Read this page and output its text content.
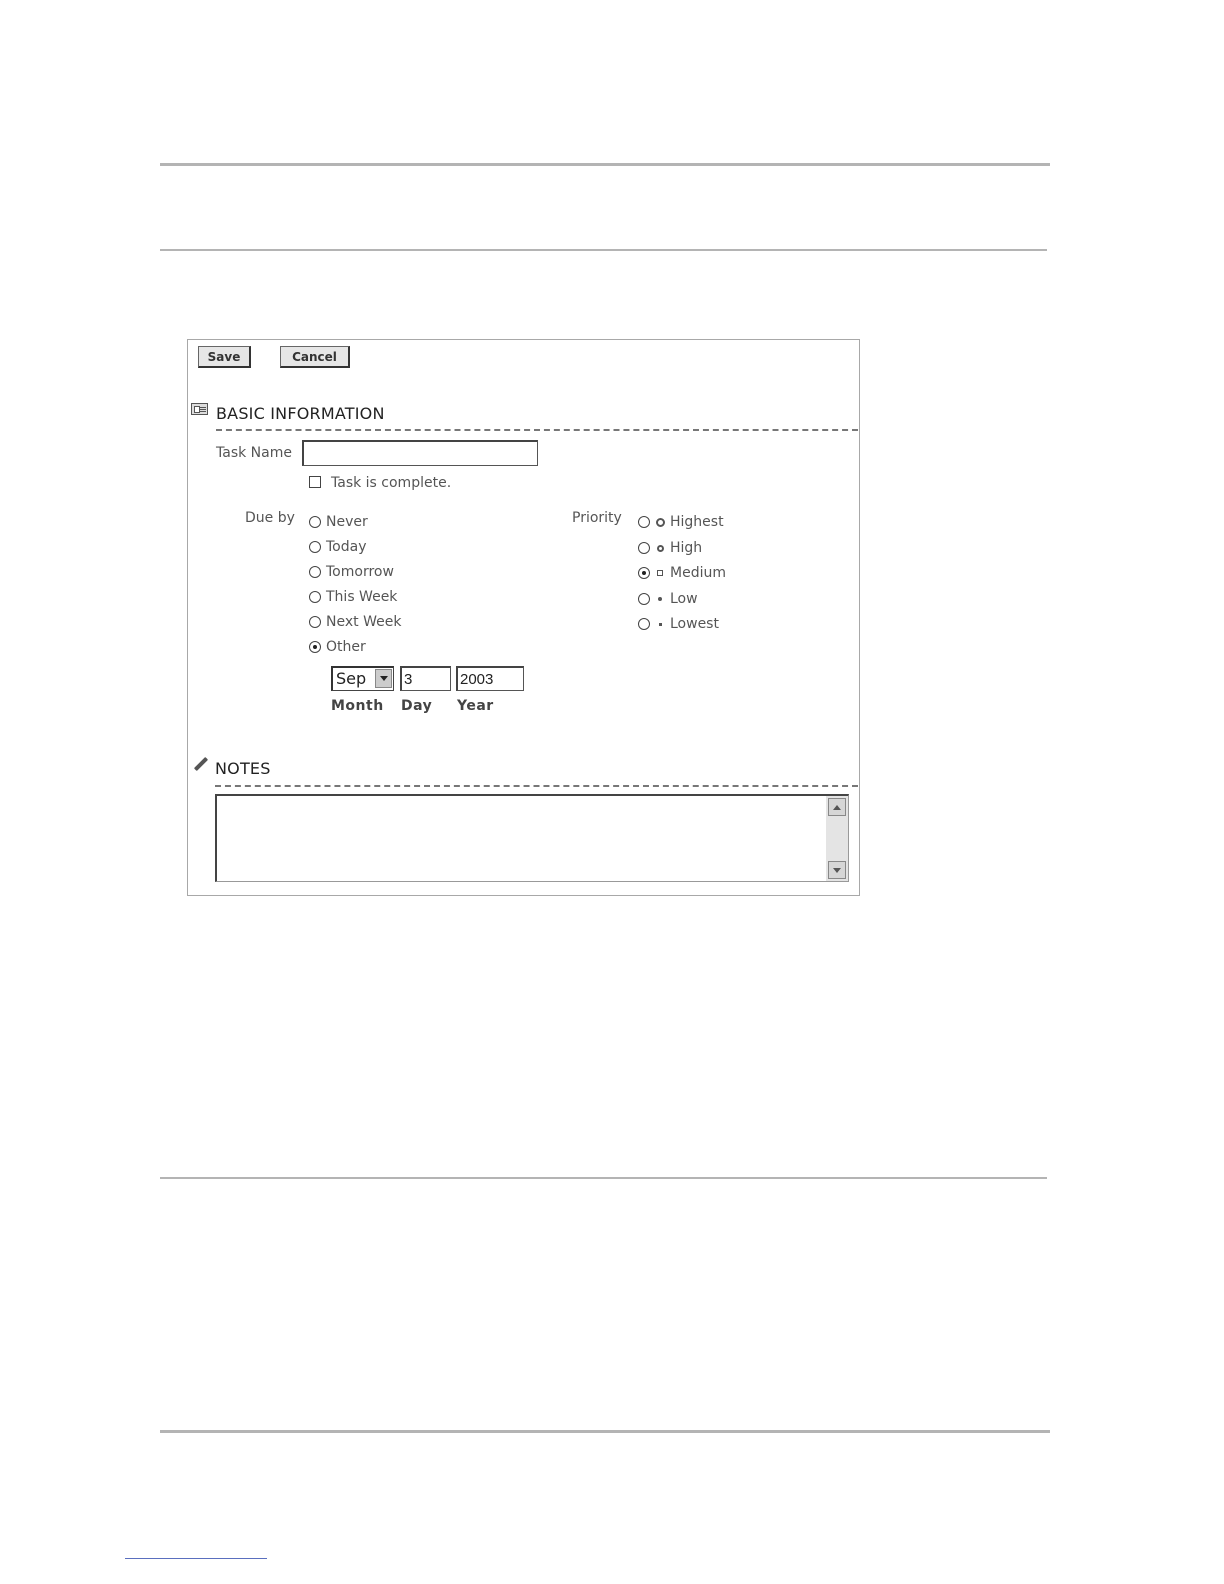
Save	Cancel
BASIC INFORMATION
Task Name
Task is complete.
Due by Never
Today
Tomorrow
This Week
Next Week
Other
Sep
3
2003
Month Day Year
Priority	Highest
High
Medium
Low
Lowest
NOTES
